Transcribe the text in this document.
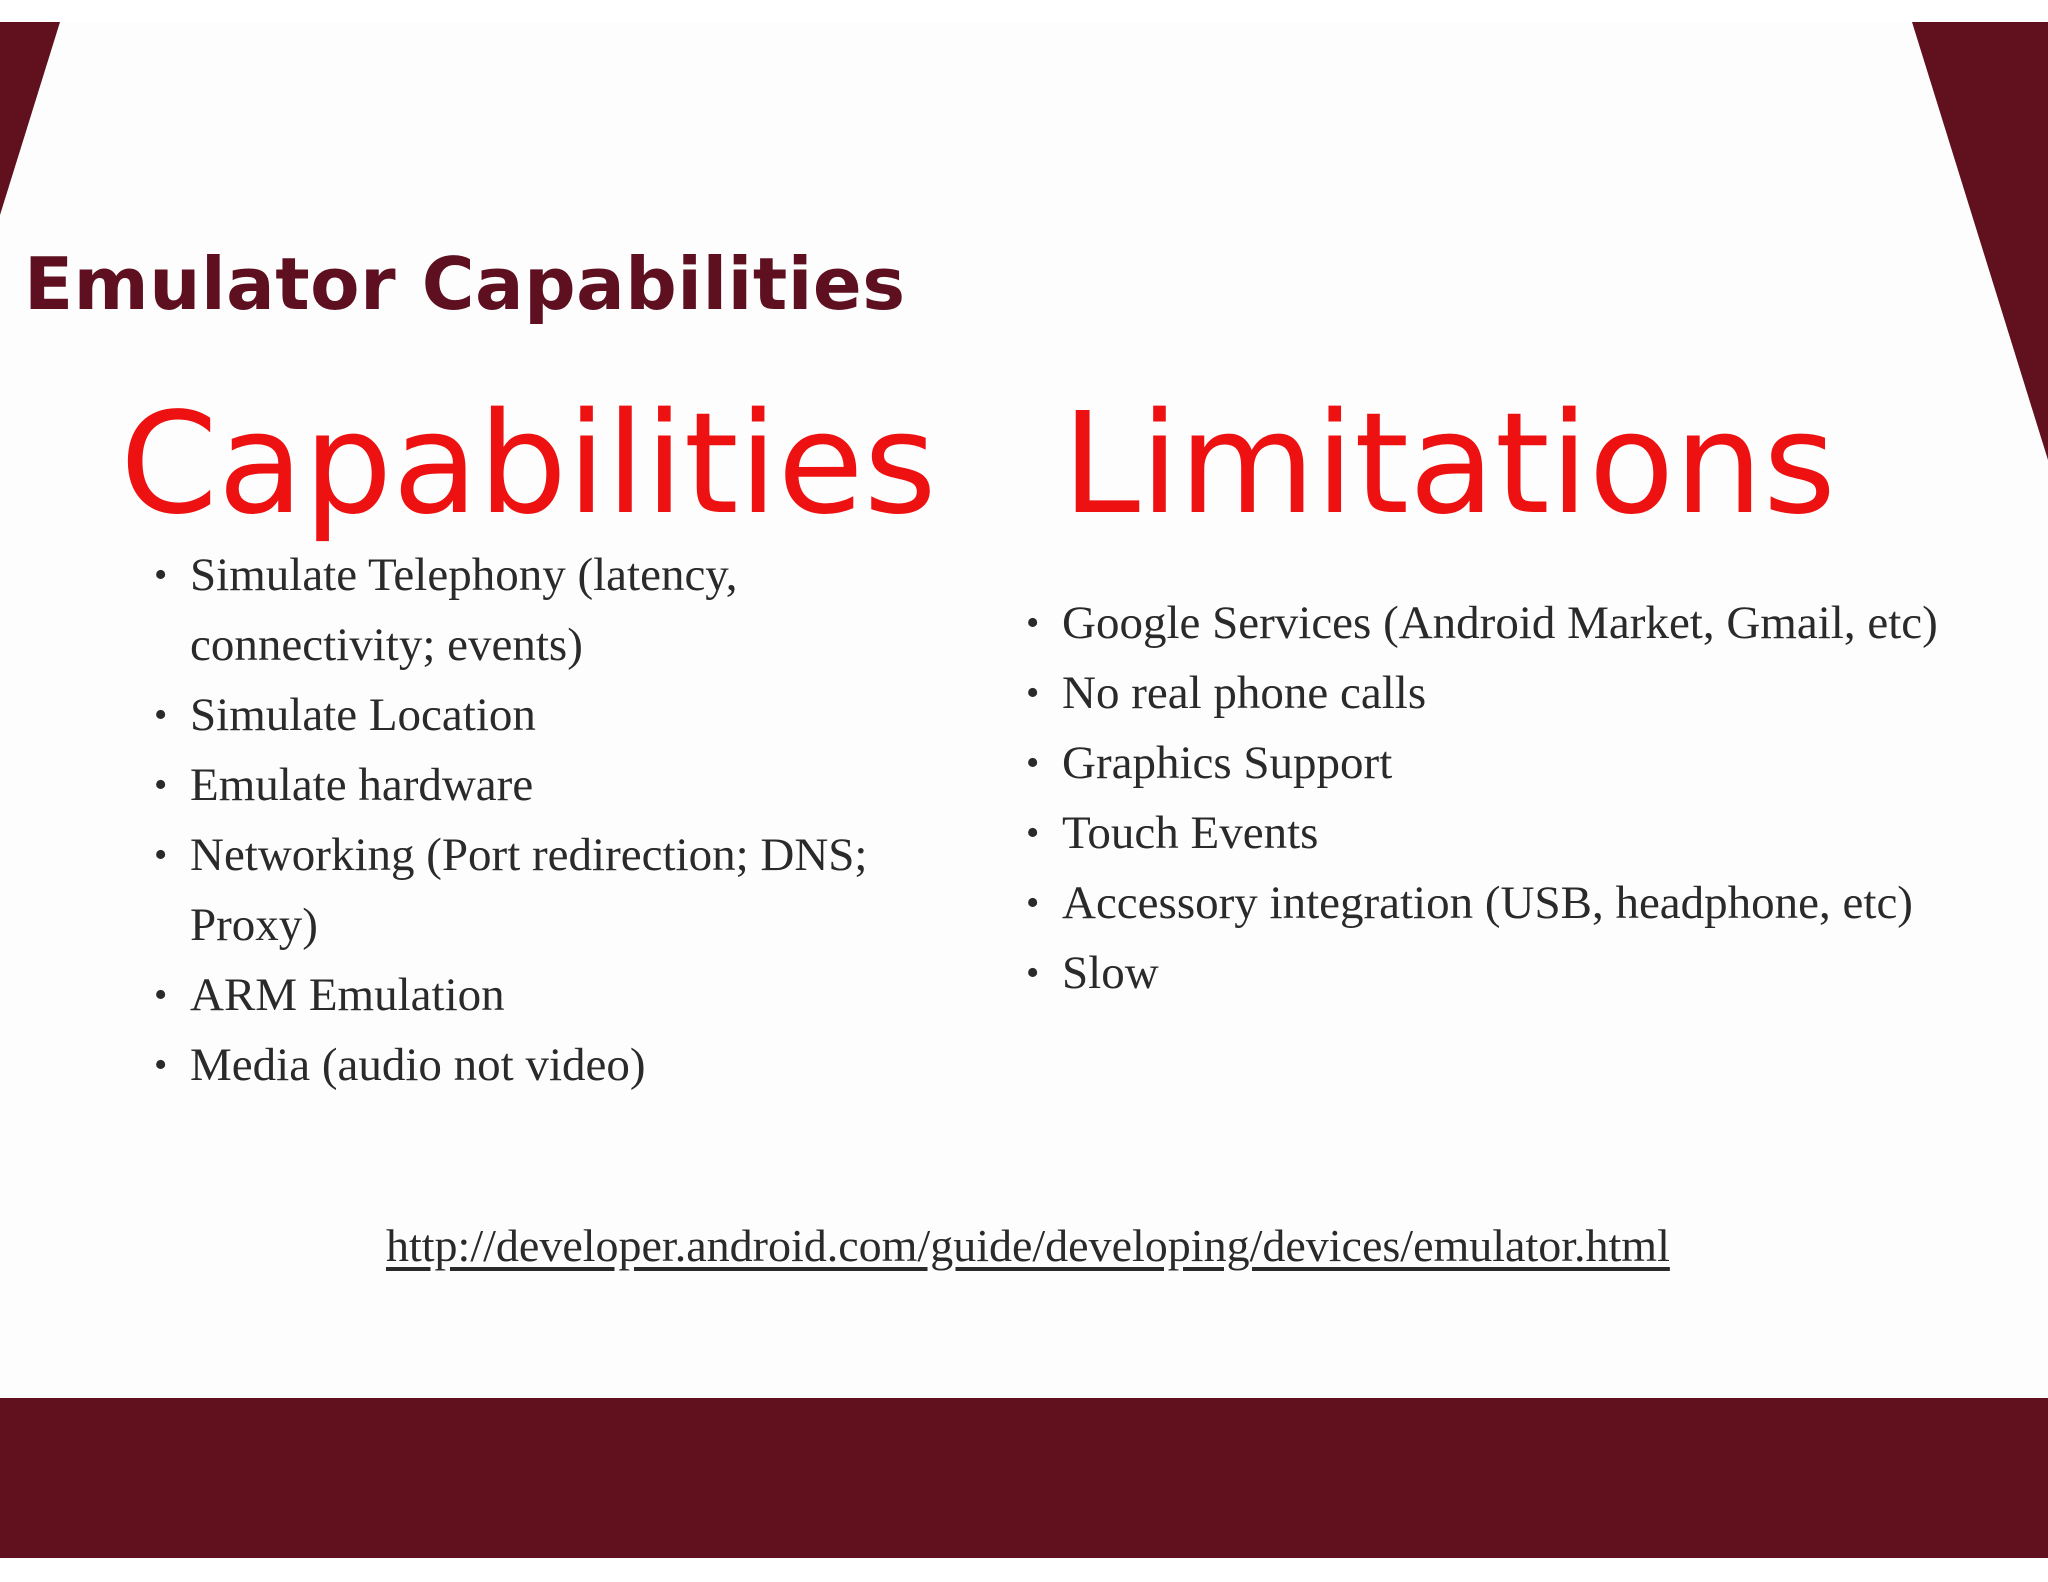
Emulator Capabilities
Capabilities Limitations
• Simulate Telephony (latency, connectivity; events)
• Simulate Location
• Emulate hardware
• Networking (Port redirection; DNS; Proxy)
• ARM Emulation
• Media (audio not video)
• Google Services (Android Market, Gmail, etc)
• No real phone calls
• Graphics Support
• Touch Events
• Accessory integration (USB, headphone, etc)
• Slow
http://developer.android.com/guide/developing/devices/emulator.html
